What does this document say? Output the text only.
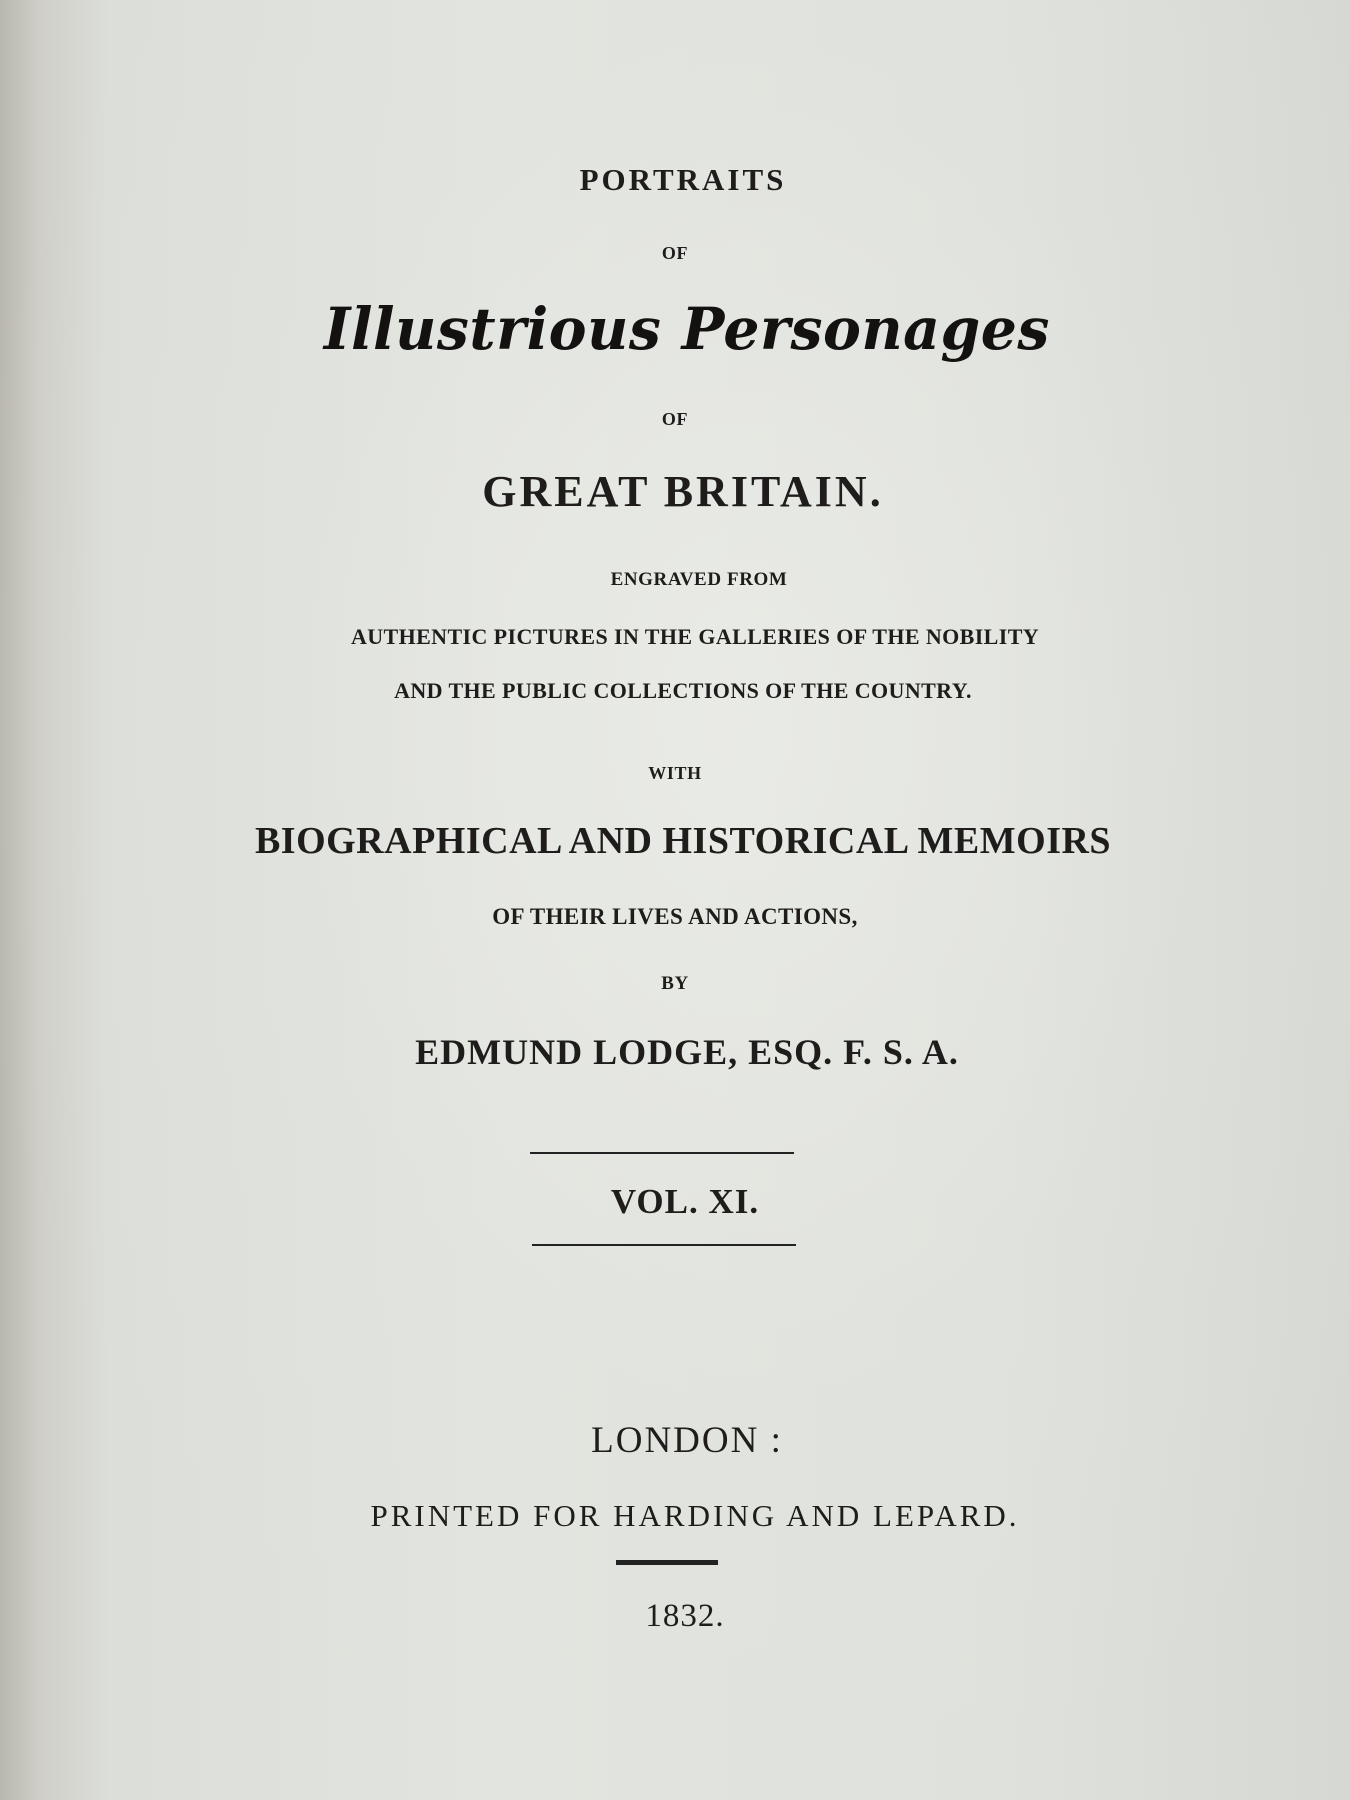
PORTRAITS
OF
Illustrious Personages
OF
GREAT BRITAIN.
ENGRAVED FROM
AUTHENTIC PICTURES IN THE GALLERIES OF THE NOBILITY
AND THE PUBLIC COLLECTIONS OF THE COUNTRY.
WITH
BIOGRAPHICAL AND HISTORICAL MEMOIRS
OF THEIR LIVES AND ACTIONS,
BY
EDMUND LODGE, ESQ. F. S. A.
VOL. XI.
LONDON :
PRINTED FOR HARDING AND LEPARD.
1832.
